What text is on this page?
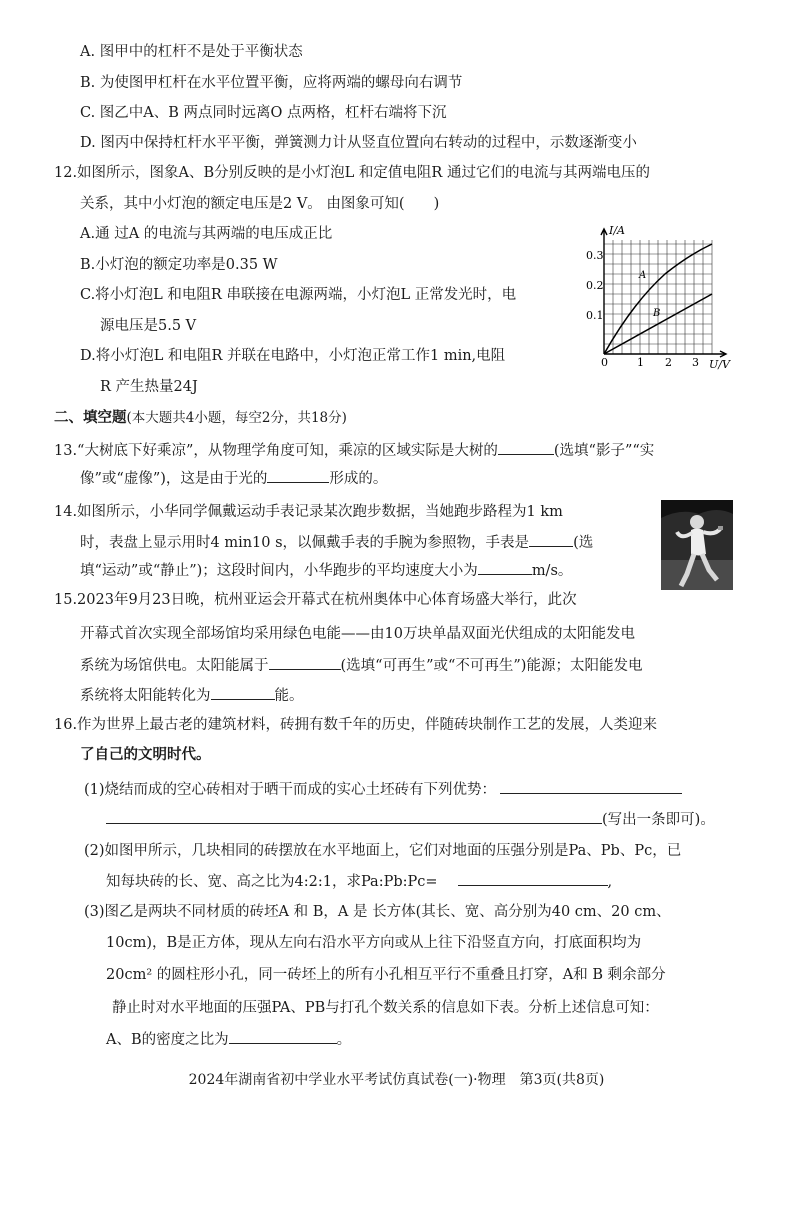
A. 图甲中的杠杆不是处于平衡状态
B. 为使图甲杠杆在水平位置平衡，应将两端的螺母向右调节
C. 图乙中A、B 两点同时远离O 点两格，杠杆右端将下沉
D. 图丙中保持杠杆水平平衡，弹簧测力计从竖直位置向右转动的过程中，示数逐渐变小
12.如图所示，图象A、B分别反映的是小灯泡L 和定值电阻R 通过它们的电流与其两端电压的
关系，其中小灯泡的额定电压是2 V。 由图象可知(　　)
A.通 过A 的电流与其两端的电压成正比
B.小灯泡的额定功率是0.35 W
C.将小灯泡L 和电阻R 串联接在电源两端，小灯泡L 正常发光时，电
源电压是5.5 V
D.将小灯泡L 和电阻R 并联在电路中，小灯泡正常工作1 min,电阻
R 产生热量24J
I/A
U/V
0.3
0.2
0.1
0	1 2 3
A
B
二、填空题(本大题共4小题，每空2分，共18分)
13.“大树底下好乘凉”，从物理学角度可知，乘凉的区域实际是大树的	(选填“影子”“实
像”或“虚像”)，这是由于光的	形成的。
14.如图所示，小华同学佩戴运动手表记录某次跑步数据，当她跑步路程为1 km
时，表盘上显示用时4 min10 s，以佩戴手表的手腕为参照物，手表是	(选
填“运动”或“静止”)；这段时间内，小华跑步的平均速度大小为	m/s。
15.2023年9月23日晚，杭州亚运会开幕式在杭州奥体中心体育场盛大举行，此次
开幕式首次实现全部场馆均采用绿色电能——由10万块单晶双面光伏组成的太阳能发电
系统为场馆供电。太阳能属于	(选填“可再生”或“不可再生”)能源；太阳能发电
系统将太阳能转化为	能。
16.作为世界上最古老的建筑材料，砖拥有数千年的历史，伴随砖块制作工艺的发展，人类迎来
了自己的文明时代。
(1)烧结而成的空心砖相对于晒干而成的实心土坯砖有下列优势：
(写出一条即可)。
(2)如图甲所示，几块相同的砖摆放在水平地面上，它们对地面的压强分别是Pa、Pb、Pc，已
知每块砖的长、宽、高之比为4:2:1，求Pa:Pb:Pc=	,
(3)图乙是两块不同材质的砖坯A 和 B，A 是 长方体(其长、宽、高分别为40 cm、20 cm、
10cm)，B是正方体，现从左向右沿水平方向或从上往下沿竖直方向，打底面积均为
20cm² 的圆柱形小孔，同一砖坯上的所有小孔相互平行不重叠且打穿，A和 B 剩余部分
静止时对水平地面的压强PA、PB与打孔个数关系的信息如下表。分析上述信息可知：
A、B的密度之比为	。
2024年湖南省初中学业水平考试仿真试卷(一)·物理　第3页(共8页)
